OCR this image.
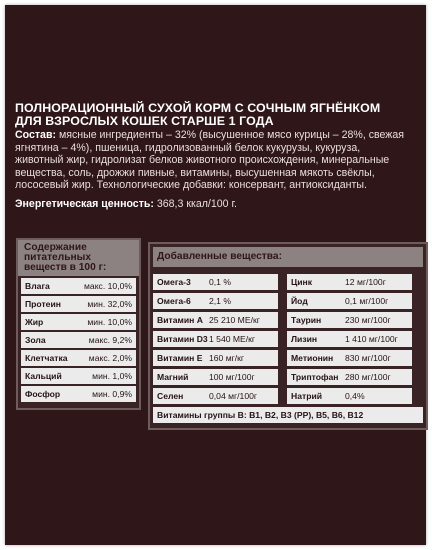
ПОЛНОРАЦИОННЫЙ СУХОЙ КОРМ С СОЧНЫМ ЯГНЁНКОМ ДЛЯ ВЗРОСЛЫХ КОШЕК СТАРШЕ 1 ГОДА
Состав: мясные ингредиенты – 32% (высушенное мясо курицы – 28%, свежая ягнятина – 4%), пшеница, гидролизованный белок кукурузы, кукуруза, животный жир, гидролизат белков животного происхождения, минеральные вещества, соль, дрожжи пивные, витамины, высушенная мякоть свёклы, лососевый жир. Технологические добавки: консервант, антиоксиданты.
Энергетическая ценность: 368,3 ккал/100 г.
Содержание питательных веществ в 100 г:
Влага	макс. 10,0%
Протеин	мин. 32,0%
Жир	мин. 10,0%
Зола	макс. 9,2%
Клетчатка макс. 2,0%
Кальций	мин. 1,0%
Фосфор	мин. 0,9%
Добавленные вещества:
Омега-3 0,1 %
Омега-6 2,1 %
Витамин А 25 210 МЕ/кг
Витамин D3 1 540 МЕ/кг
Витамин Е 160 мг/кг
Магний 100 мг/100г
Селен	0,04 мг/100г
Цинк	12 мг/100г
Йод	0,1 мг/100г
Таурин	230 мг/100г
Лизин	1 410 мг/100г
Метионин 830 мг/100г
Триптофан 280 мг/100г
Натрий	0,4%
Витамины группы B: B1, B2, B3 (PP), B5, B6, B12
